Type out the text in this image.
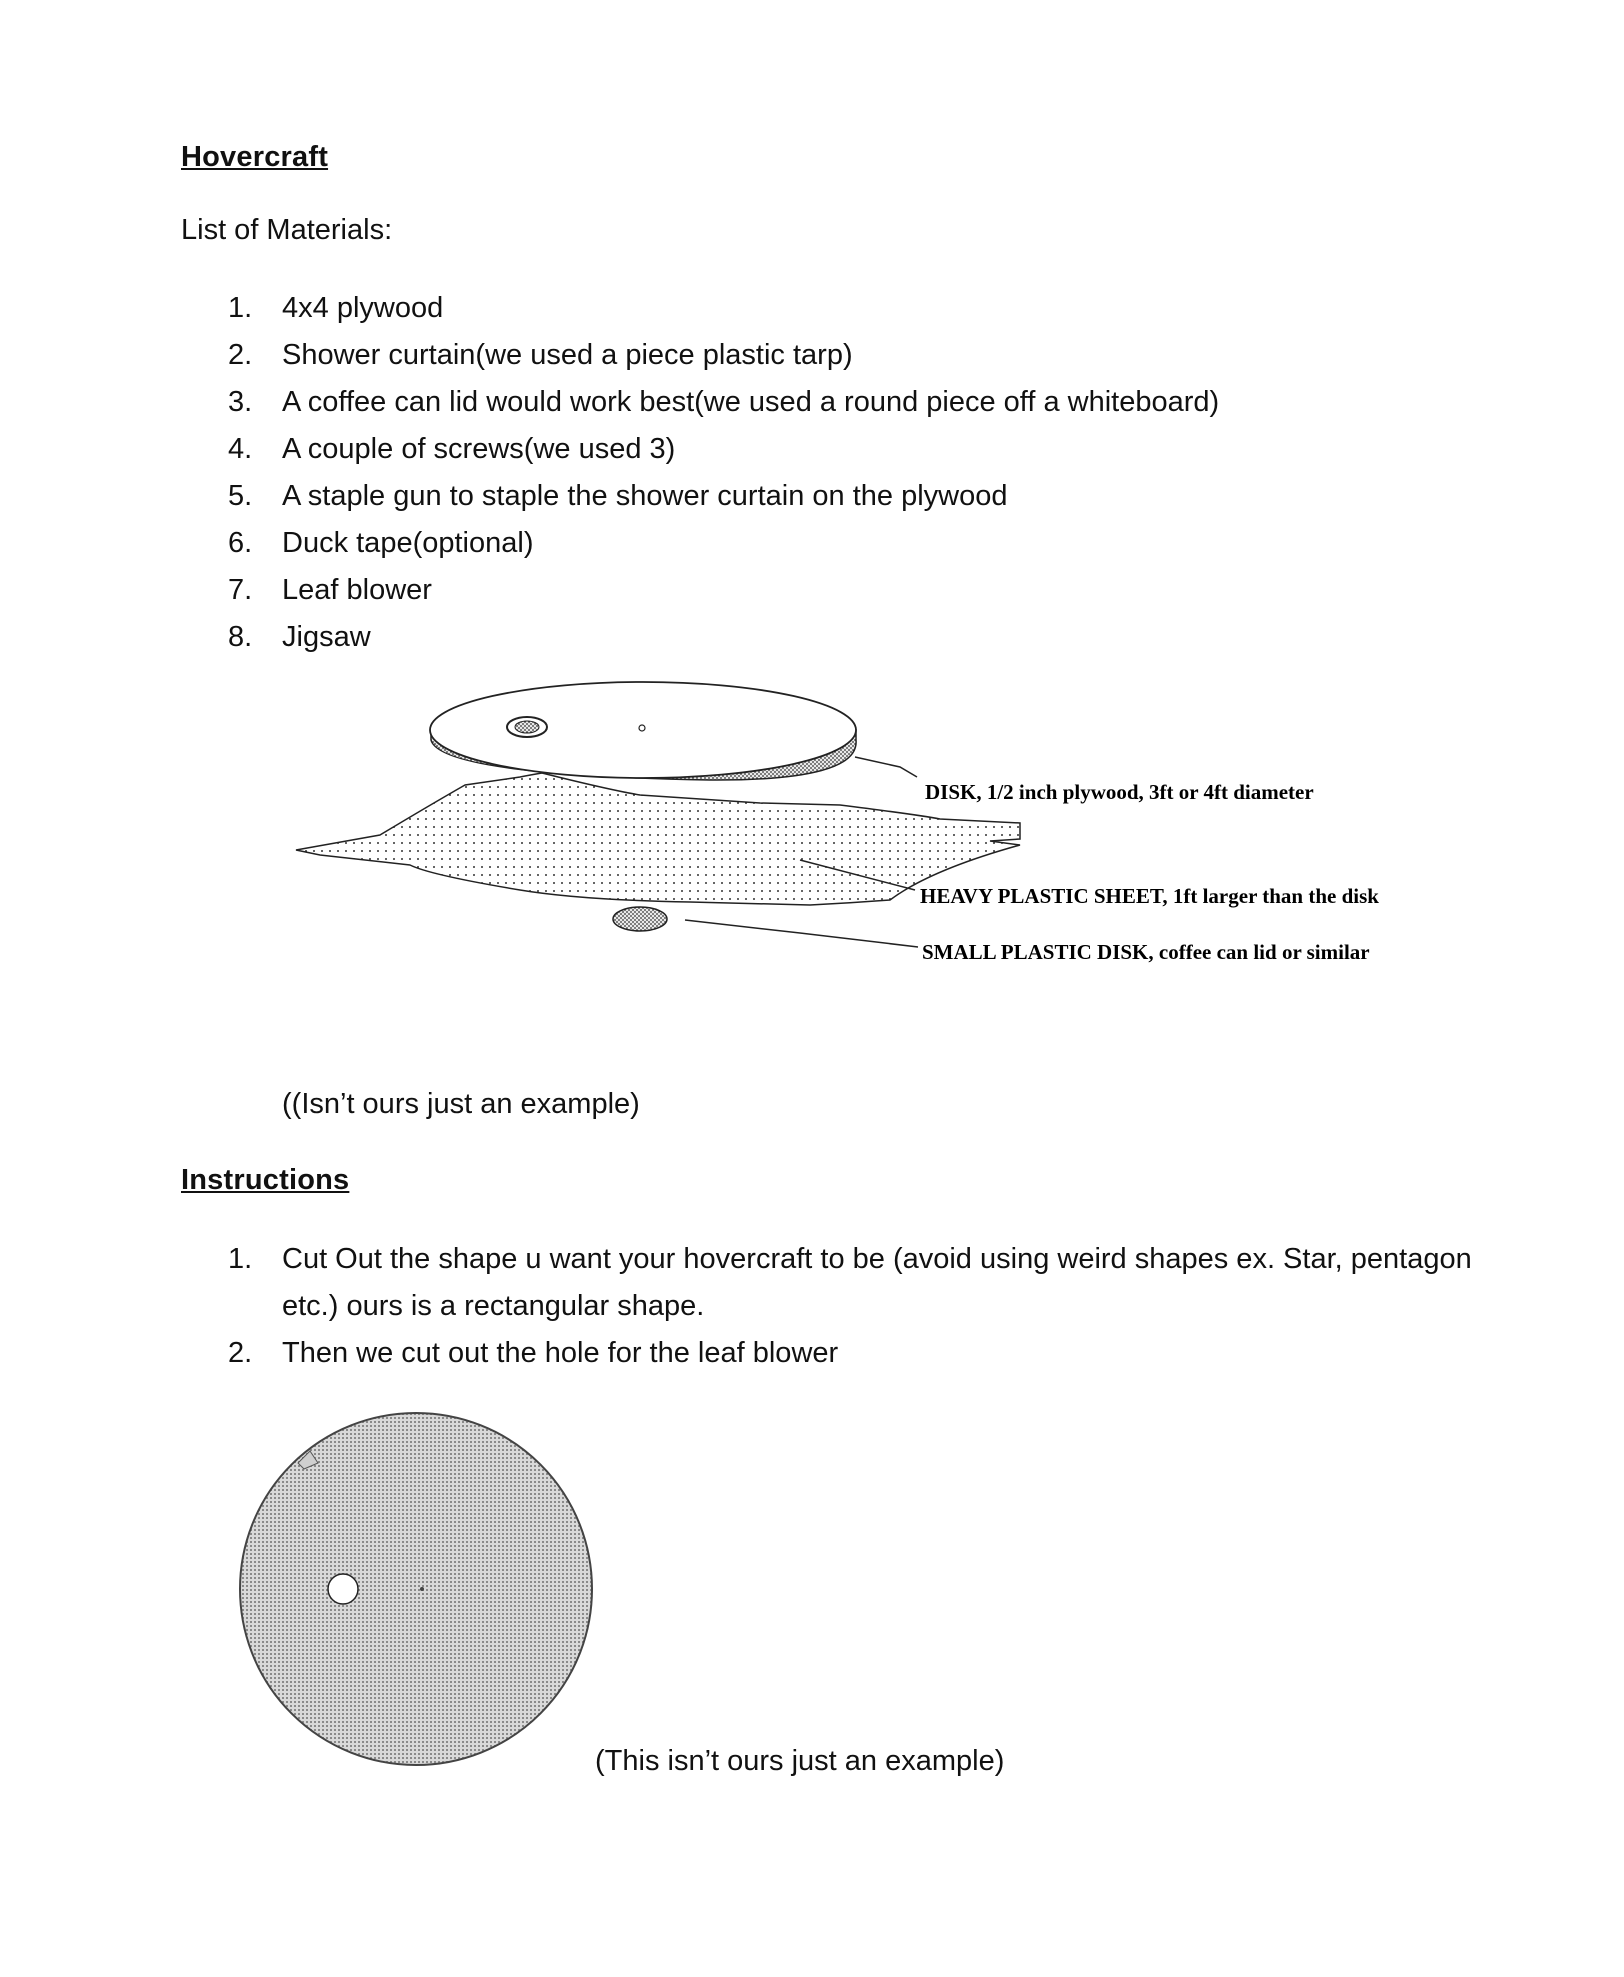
Hovercraft
List of Materials:
1. 4x4 plywood
2. Shower curtain(we used a piece plastic tarp)
3. A coffee can lid would work best(we used a round piece off a whiteboard)
4. A couple of screws(we used 3)
5. A staple gun to staple the shower curtain on the plywood
6. Duck tape(optional)
7. Leaf blower
8. Jigsaw
DISK, 1/2 inch plywood, 3ft or 4ft diameter
HEAVY PLASTIC SHEET, 1ft larger than the disk
SMALL PLASTIC DISK, coffee can lid or similar
((Isn’t ours just an example)
Instructions
1. Cut Out the shape u want your hovercraft to be (avoid using weird shapes ex. Star, pentagon etc.) ours is a rectangular shape.
2. Then we cut out the hole for the leaf blower
(This isn’t ours just an example)
